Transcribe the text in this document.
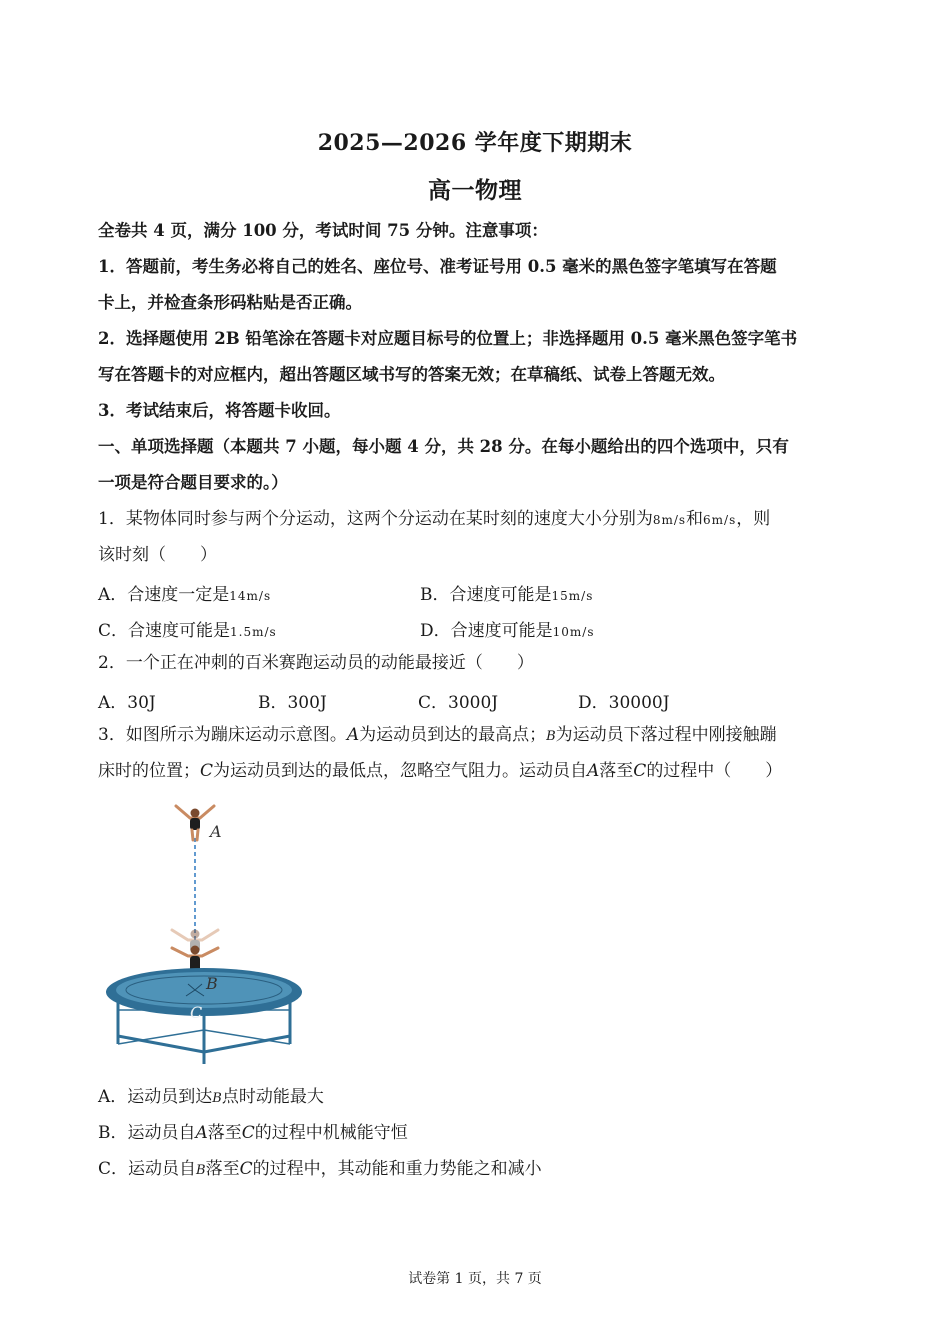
2025—2026 学年度下期期末
高一物理
全卷共 4 页，满分 100 分，考试时间 75 分钟。注意事项：
1．答题前，考生务必将自己的姓名、座位号、准考证号用 0.5 毫米的黑色签字笔填写在答题
卡上，并检查条形码粘贴是否正确。
2．选择题使用 2B 铅笔涂在答题卡对应题目标号的位置上；非选择题用 0.5 毫米黑色签字笔书
写在答题卡的对应框内，超出答题区域书写的答案无效；在草稿纸、试卷上答题无效。
3．考试结束后，将答题卡收回。
一、单项选择题（本题共 7 小题，每小题 4 分，共 28 分。在每小题给出的四个选项中，只有
一项是符合题目要求的。）
1．某物体同时参与两个分运动，这两个分运动在某时刻的速度大小分别为8m/s和6m/s，则
该时刻（　　）
A．合速度一定是14m/s	B．合速度可能是15m/s
C．合速度可能是1.5m/s	D．合速度可能是10m/s
2．一个正在冲刺的百米赛跑运动员的动能最接近（　　）
A．30J	B．300J	C．3000J	D．30000J
3．如图所示为蹦床运动示意图。A为运动员到达的最高点；B为运动员下落过程中刚接触蹦
床时的位置；C为运动员到达的最低点，忽略空气阻力。运动员自A落至C的过程中（　　）
A
B
C
A．运动员到达B点时动能最大
B．运动员自A落至C的过程中机械能守恒
C．运动员自B落至C的过程中，其动能和重力势能之和减小
试卷第 1 页，共 7 页
